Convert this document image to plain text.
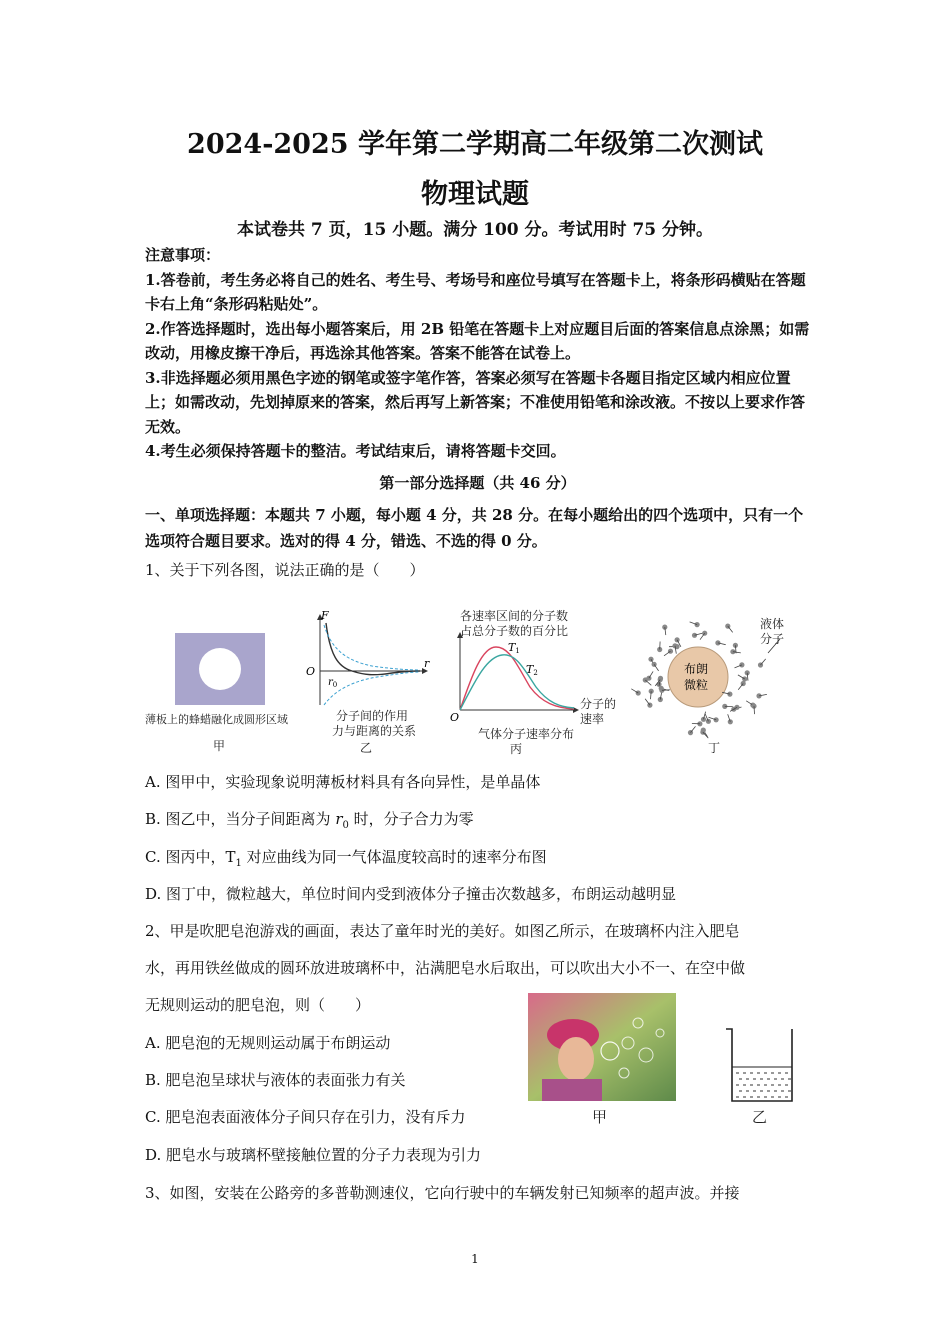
2024-2025 学年第二学期高二年级第二次测试
物理试题
本试卷共 7 页，15 小题。满分 100 分。考试用时 75 分钟。
注意事项：
1.答卷前，考生务必将自己的姓名、考生号、考场号和座位号填写在答题卡上，将条形码横贴在答题卡右上角“条形码粘贴处”。
2.作答选择题时，选出每小题答案后，用 2B 铅笔在答题卡上对应题目后面的答案信息点涂黑；如需改动，用橡皮擦干净后，再选涂其他答案。答案不能答在试卷上。
3.非选择题必须用黑色字迹的钢笔或签字笔作答，答案必须写在答题卡各题目指定区域内相应位置上；如需改动，先划掉原来的答案，然后再写上新答案；不准使用铅笔和涂改液。不按以上要求作答无效。
4.考生必须保持答题卡的整洁。考试结束后，请将答题卡交回。
第一部分选择题（共 46 分）
一、单项选择题：本题共 7 小题，每小题 4 分，共 28 分。在每小题给出的四个选项中，只有一个选项符合题目要求。选对的得 4 分，错选、不选的得 0 分。
1、关于下列各图，说法正确的是（　　）
薄板上的蜂蜡融化成圆形区域
甲
F
O
r
$r_0$
分子间的作用
力与距离的关系
乙
各速率区间的分子数
占总分子数的百分比
T1
T2
O
分子的
速率
气体分子速率分布
丙
布朗
微粒
液体
分子
丁
A. 图甲中，实验现象说明薄板材料具有各向异性，是单晶体
B. 图乙中，当分子间距离为 $r_0$ 时，分子合力为零
C. 图丙中，$T_1$ 对应曲线为同一气体温度较高时的速率分布图
D. 图丁中，微粒越大，单位时间内受到液体分子撞击次数越多，布朗运动越明显
2、甲是吹肥皂泡游戏的画面，表达了童年时光的美好。如图乙所示，在玻璃杯内注入肥皂
水，再用铁丝做成的圆环放进玻璃杯中，沾满肥皂水后取出，可以吹出大小不一、在空中做
无规则运动的肥皂泡，则（　　）
A. 肥皂泡的无规则运动属于布朗运动
B. 肥皂泡呈球状与液体的表面张力有关
C. 肥皂泡表面液体分子间只存在引力，没有斥力
D. 肥皂水与玻璃杯壁接触位置的分子力表现为引力
甲	乙
3、如图，安装在公路旁的多普勒测速仪，它向行驶中的车辆发射已知频率的超声波。并接
1
